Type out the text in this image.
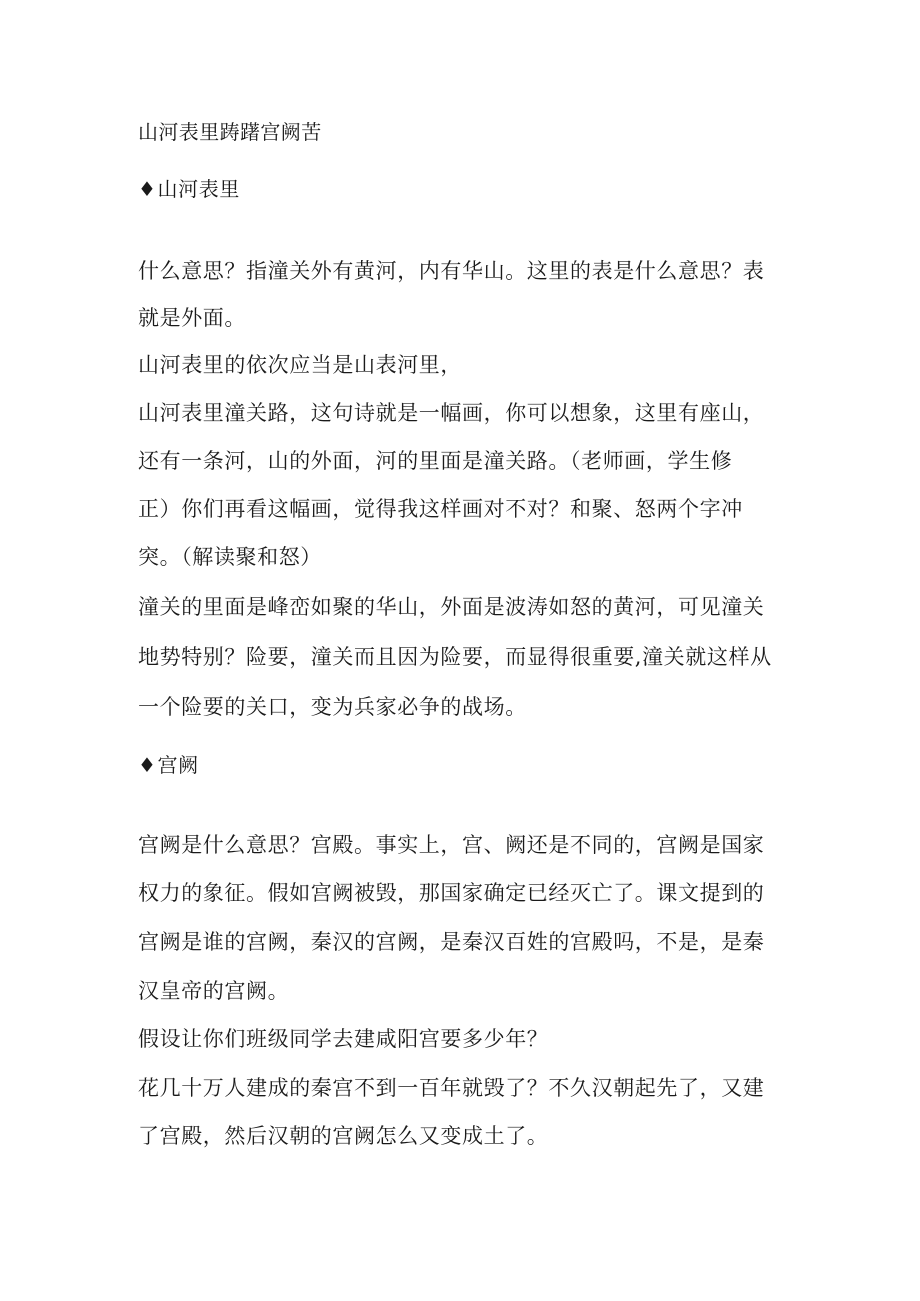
山河表里踌躇宫阙苦

♦山河表里

什么意思？指潼关外有黄河，内有华山。这里的表是什么意思？表

就是外面。

山河表里的依次应当是山表河里，

山河表里潼关路，这句诗就是一幅画，你可以想象，这里有座山，

还有一条河，山的外面，河的里面是潼关路。（老师画，学生修

正）你们再看这幅画，觉得我这样画对不对？和聚、怒两个字冲

突。（解读聚和怒）

潼关的里面是峰峦如聚的华山，外面是波涛如怒的黄河，可见潼关

地势特别？险要，潼关而且因为险要，而显得很重要,潼关就这样从

一个险要的关口，变为兵家必争的战场。

♦宫阙

宫阙是什么意思？宫殿。事实上，宫、阙还是不同的，宫阙是国家

权力的象征。假如宫阙被毁，那国家确定已经灭亡了。课文提到的

宫阙是谁的宫阙，秦汉的宫阙，是秦汉百姓的宫殿吗，不是，是秦

汉皇帝的宫阙。

假设让你们班级同学去建咸阳宫要多少年？

花几十万人建成的秦宫不到一百年就毁了？不久汉朝起先了，又建

了宫殿，然后汉朝的宫阙怎么又变成土了。
